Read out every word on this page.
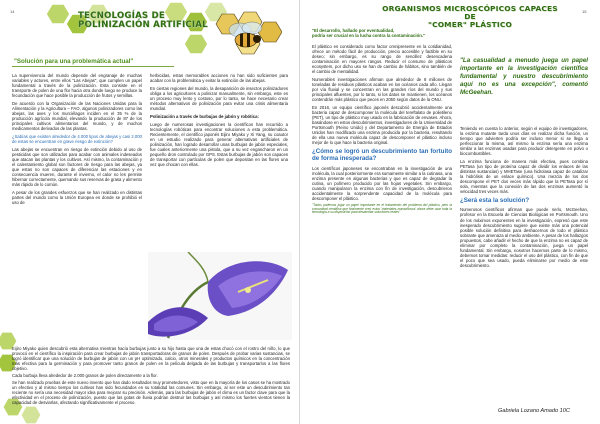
14	TECNOLOGÍAS DE
POLINIZACIÓN ARTIFICIAL
"Solución para una problemática actual"

La supervivencia del mundo depende del engranaje de muchas variables y actores, entre ellos "Las Abejas", que cumplen un papel fundamental a través de la polinización. Esta consiste en el transporte de polen de una flor hacia otra donde luego se produce la fecundación que hace posible la producción de frutos y semillas.

De acuerdo con la Organización de las Naciones Unidas para la Alimentación y la Agricultura – FAO, algunos polinizadores como las abejas, las aves y los murciélagos inciden en el 35 % de la producción agrícola mundial, elevando la producción de 87 de los principales cultivos alimentarios del mundo, y de muchos medicamentos derivados de las plantas.

¿Sabías que existen alrededor de 4.000 tipos de abejas y casi 2.000 de estas se encuentran en grave riesgo de extinción?

Las abejas se encuentran en riesgo de extinción debido al uso de pesticidas que son utilizados para acabar con animales indeseados que atacan las plantas y los cultivos. Así mismo, la contaminación y el calentamiento global son factores de riesgo para las abejas, ya que estas no son capaces de diferenciar las estaciones y en consecuencia mueren, durante el invierno, el calor no les permite hibernar correctamente, quemando sus reservas de grasa y alimento más rápido de lo común.

A pesar de los grandes esfuerzos que se han realizado en distintas partes del mundo como la Unión Europea en donde se prohibió el uso de

herbicidas, estas memorables acciones no han sido suficientes para acabar con la problemática y evitar la extinción de las abejas.

En ciertas regiones del mundo, la desaparición de insectos polinizadores obliga a los agricultores a polinizar manualmente, sin embargo, este es un proceso muy lento y costoso, por lo tanto, se hace necesario crear métodos alternativos de polinización para evitar una crisis alimentaria mundial.

Polinización a través de burbujas de jabón y robótica:

Luego de numerosas investigaciones la científicos han recurrido a tecnologías robóticas para encontrar soluciones a esta problemática. Recientemente, el científico japonés Eijiro Miyako y Xi Yang, su coautor en un estudio realizado para generar alternativas artificiales de polinización, han logrado desarrollar unas burbujas de jabón especiales, fue cuales anteriormente una pistola, que a su vez engancharon en un pequeño dron controlado por GPS. Estas burbujas de jabón son capaces de transportar con partículas de polen que depositan en las flores una vez que chocan con ellas.

Eijiro Miyako quien descubrió esta alternativa mientras hacía burbujas junto a su hijo hasta que una de estas chocó con el rostro del niño, lo que provocó en el científico la inspiración para crear burbujas de jabón transportadoras de granos de polen. Después de probar varias sustancias, se logró identificar que una solución de burbujas de jabón con un pH optimizado, calcio, otros minerales y productos químicos en la concentración más efectiva para la germinación y para promover tanto granos de polen en la película delgada de las burbujas y transportarlos a las flores objetivo.

Cada burbuja lleva alrededor de 2.000 granos de polen directamente a la flor.

Se han realizado pruebas de este nuevo invento que han dado resultados muy prometedores, visto que en la mayoría de los casos se ha mostrado un efectivo y al mismo tiempo los cultivos han sido fecundados en su totalidad las comunes. Sin embargo, al ser este un descubrimiento tan reciente no sería una necesidad mayor idea para mejorar su precisión. Además, para las burbujas de jabón el clima es un factor clave para que la efectividad en el proceso de polinización, puesto que las gotas de lluvia podrían destruir las burbujas y así mismo los fuertes vientos tienen la capacidad de desviarlas, afectando significativamente el proceso.

15
ORGANISMOS MICROSCÓPICOS CAPACES DE
"COMER" PLÁSTICO
"El desarrollo, hallado por eventualidad,
podría ser crucial en la lucha contra la contaminación."

El plástico es considerado como factor omnipresente en la cotidianidad, ofrece un método fácil de producción, precio accesible y factible en su deseo; sin embargo, es su rango de sencillez desencadena contaminación en mayores rangos. Reducir el consumo de plásticos ecosystem, por dicho uso se han de cambio de hábitos, sino también de el cambio de mentalidad.

Numerables investigaciones afirman que alrededor de 8 millones de toneladas de residuos plásticos acaban en los océanos cada año. Llegan por vía fluvial y se concentran en las grandes ríos del mundo y sus principales afluentes, por lo tanto, si los datos se mantienen, los océanos contendrán más plástico que peces en 2050 según datos de la ONU.

En 2016, un equipo científico japonés descubrió accidentalmente una bacteria capaz de descomponer la molécula del tereftalato de polietileno (PET), un tipo de plástico muy usado en la fabricación de envases. Ahora, basándose en estos descubrimientos, investigadores de la Universidad de Portsmouth (Reino Unido) y del Departamento de Energía de Estados Unidos han modificado una enzima producida por la bacteria, resultando de ella una nueva molécula capaz de descomponer el plástico incluso mejor de lo que hace la bacteria original.

¿Cómo se logró un descubrimiento tan fortuito de forma inesperada?

Los científicos japoneses se encontraban en la investigación de una molécula, la cual posteriormente era sumamente similar a la cutinasa, una enzima presente en algunas bacterias y que es capaz de degradar la cutina, un polímero producido por las hojas vegetales. Sin embargo, cuando manipularon la enzima con fin de investigación, descubrieron accidentalmente la sorprendente capacidad de la molécula para descomponer el plástico.

"Todos podemos jugar un papel importante en el tratamiento del problema del plástico, pero la comunidad científica que finalmente creó estos 'materiales maravillosos' ahora debe usar toda la tecnología a su disposición para desarrollar soluciones reales"
"La casualidad a menudo juega un papel importante en la investigación científica fundamental y nuestro descubrimiento aquí no es una excepción", comentó McGeehan.

Teniendo en cuenta lo anterior, según el equipo de investigadores, la enzima mutante tarda unos días en realizar dicha función, un tiempo que advierten podría ser incluso menor si se llega a perfeccionar la misma, así mismo la enzima sería una enzima similar a las enzimas usadas para producir detergente en polvo o biocombustibles.

La enzima funciona de manera más efectiva, pues combina PETasa (un tipo de proteína capaz de dividir los enlaces de las distintas sustancias) y MHETase (una hidrolasa capaz de catalizar la hidrólisis de un enlace químico). Una mezcla de los dos descompone el PET dos veces más rápido que la PETasa por sí sola, mientras que la conexión de las dos enzimas aumentó la velocidad tres veces más.

¿Será esta la solución?

Numerosos científicos afirman que puede serlo, McGeehan, profesor en la Escuela de Ciencias Biológicas en Portsmouth. Uno de los máximos exponentes en la investigación, expresó que este inesperado descubrimiento sugiere que existe más una potencial posible solución definitiva para deshacernos de todo el plástico sobrante que amenaza al medio ambiente. A pesar de los hallazgos propuestos, cabe añadir el hecho de que la enzima no es capaz de eliminar por completo la contaminación, juega un papel fundamental. Sin embargo, nosotros hacemos parte de lo mismo, debemos tomar medidas: reducir el uso del plástico, con fin de que el poco que sea usado, pueda eliminarse por medio de este descubrimiento.

Gabriela Lozano Amado 10C
